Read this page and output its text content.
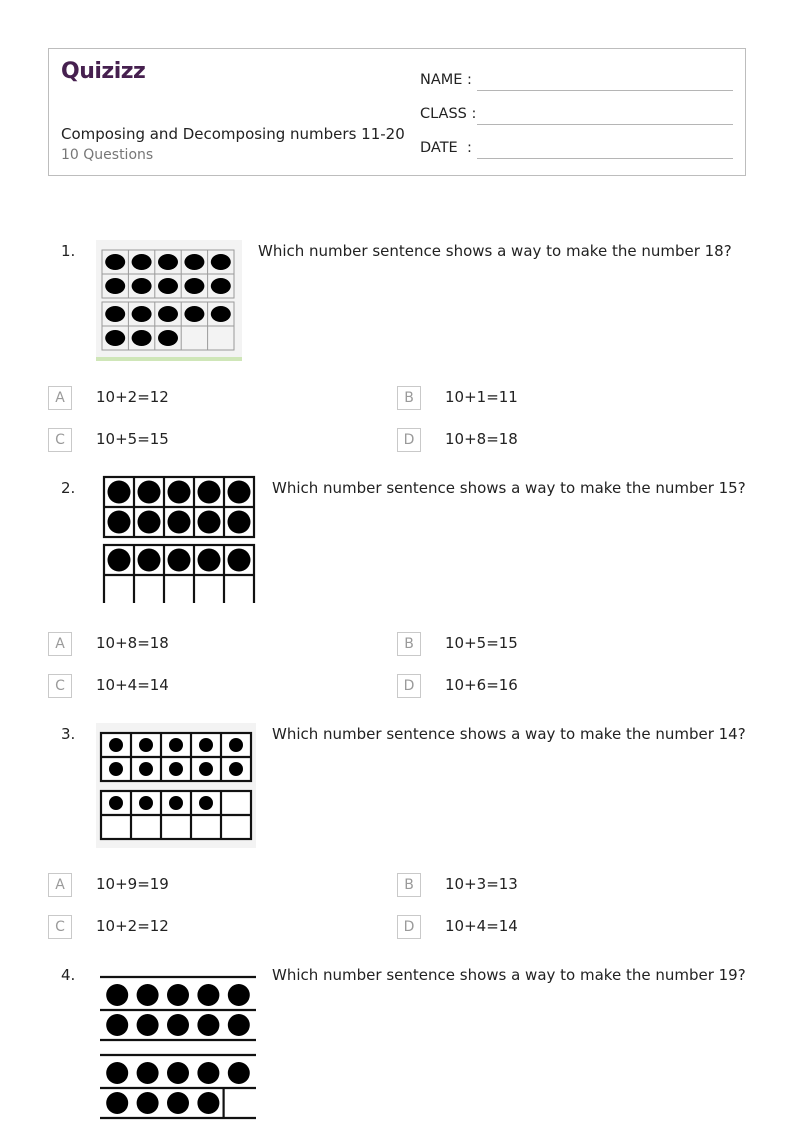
Quizizz
Composing and Decomposing numbers 11-20
10 Questions
NAME :
CLASS :
DATE  :
1.	Which number sentence shows a way to make the number 18?
A	10+2=12	B	10+1=11
C	10+5=15	D	10+8=18
2.	Which number sentence shows a way to make the number 15?
A	10+8=18	B	10+5=15
C	10+4=14	D	10+6=16
3.	Which number sentence shows a way to make the number 14?
A	10+9=19	B	10+3=13
C	10+2=12	D	10+4=14
4.	Which number sentence shows a way to make the number 19?
